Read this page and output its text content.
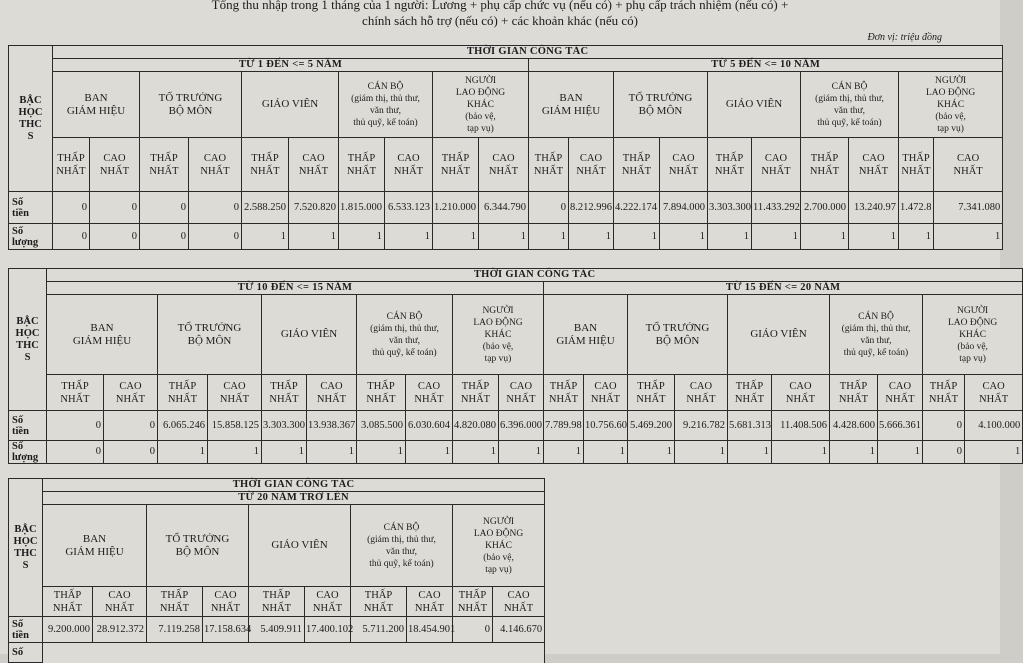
Tổng thu nhập trong 1 tháng của 1 người: Lương + phụ cấp chức vụ (nếu có) + phụ cấp trách nhiệm (nếu có) +
chính sách hỗ trợ (nếu có) + các khoản khác (nếu có)
Đơn vị: triệu đồng
BẬC
HỌC
THC
S	THỜI GIAN CÔNG TÁC																			
	TỪ 1 ĐẾN <= 5 NĂM										TỪ 5 ĐẾN <= 10 NĂM									

	BAN
GIÁM HIỆU		TỔ TRƯỞNG
BỘ MÔN		GIÁO VIÊN		CÁN BỘ
(giám thị, thủ thư,
văn thư,
thủ quỹ, kế toán)		NGƯỜI
LAO ĐỘNG
KHÁC
(bảo vệ,
tạp vụ)		BAN
GIÁM HIỆU		TỔ TRƯỞNG
BỘ MÔN		GIÁO VIÊN		CÁN BỘ
(giám thị, thủ thư,
văn thư,
thủ quỹ, kế toán)		NGƯỜI
LAO ĐỘNG
KHÁC
(bảo vệ,
tạp vụ)	

	THẤP
NHẤT	CAO
NHẤT	THẤP
NHẤT	CAO
NHẤT	THẤP
NHẤT	CAO
NHẤT	THẤP
NHẤT	CAO
NHẤT	THẤP
NHẤT	CAO
NHẤT	THẤP
NHẤT	CAO
NHẤT	THẤP
NHẤT	CAO
NHẤT	THẤP
NHẤT	CAO
NHẤT	THẤP
NHẤT	CAO
NHẤT	THẤP
NHẤT	CAO
NHẤT

Số
tiền	0	0	0	0	2.588.250	7.520.820	1.815.000	6.533.123	1.210.000	6.344.790	0	8.212.996	4.222.174	7.894.000	3.303.300	11.433.292	2.700.000	13.240.97	1.472.8	7.341.080

Số
lượng	0	0	0	0	1	1	1	1	1	1	1	1	1	1	1	1	1	1	1	1
BẬC
HỌC
THC
S	THỜI GIAN CÔNG TÁC																			
	TỪ 10 ĐẾN <= 15 NĂM										TỪ 15 ĐẾN <= 20 NĂM									

	BAN
GIÁM HIỆU		TỔ TRƯỞNG
BỘ MÔN		GIÁO VIÊN		CÁN BỘ
(giám thị, thủ thư,
văn thư,
thủ quỹ, kế toán)		NGƯỜI
LAO ĐỘNG
KHÁC
(bảo vệ,
tạp vụ)		BAN
GIÁM HIỆU		TỔ TRƯỞNG
BỘ MÔN		GIÁO VIÊN		CÁN BỘ
(giám thị, thủ thư,
văn thư,
thủ quỹ, kế toán)		NGƯỜI
LAO ĐỘNG
KHÁC
(bảo vệ,
tạp vụ)	

	THẤP
NHẤT	CAO
NHẤT	THẤP
NHẤT	CAO
NHẤT	THẤP
NHẤT	CAO
NHẤT	THẤP
NHẤT	CAO
NHẤT	THẤP
NHẤT	CAO
NHẤT	THẤP
NHẤT	CAO
NHẤT	THẤP
NHẤT	CAO
NHẤT	THẤP
NHẤT	CAO
NHẤT	THẤP
NHẤT	CAO
NHẤT	THẤP
NHẤT	CAO
NHẤT

Số
tiền	0	0	6.065.246	15.858.125	3.303.300	13.938.367	3.085.500	6.030.604	4.820.080	6.396.000	7.789.98	10.756.60	5.469.200	9.216.782	5.681.313	11.408.506	4.428.600	5.666.361	0	4.100.000

Số
lượng	0	0	1	1	1	1	1	1	1	1	1	1	1	1	1	1	1	1	0	1
BẬC
HỌC
THC
S	THỜI GIAN CÔNG TÁC									
	TỪ 20 NĂM TRỞ LÊN									

	BAN
GIÁM HIỆU		TỔ TRƯỞNG
BỘ MÔN		GIÁO VIÊN		CÁN BỘ
(giám thị, thủ thư,
văn thư,
thủ quỹ, kế toán)		NGƯỜI
LAO ĐỘNG
KHÁC
(bảo vệ,
tạp vụ)	

	THẤP
NHẤT	CAO
NHẤT	THẤP
NHẤT	CAO
NHẤT	THẤP
NHẤT	CAO
NHẤT	THẤP
NHẤT	CAO
NHẤT	THẤP
NHẤT	CAO
NHẤT

Số
tiền	9.200.000	28.912.372	7.119.258	17.158.634	5.409.911	17.400.102	5.711.200	18.454.901	0	4.146.670

Số										
